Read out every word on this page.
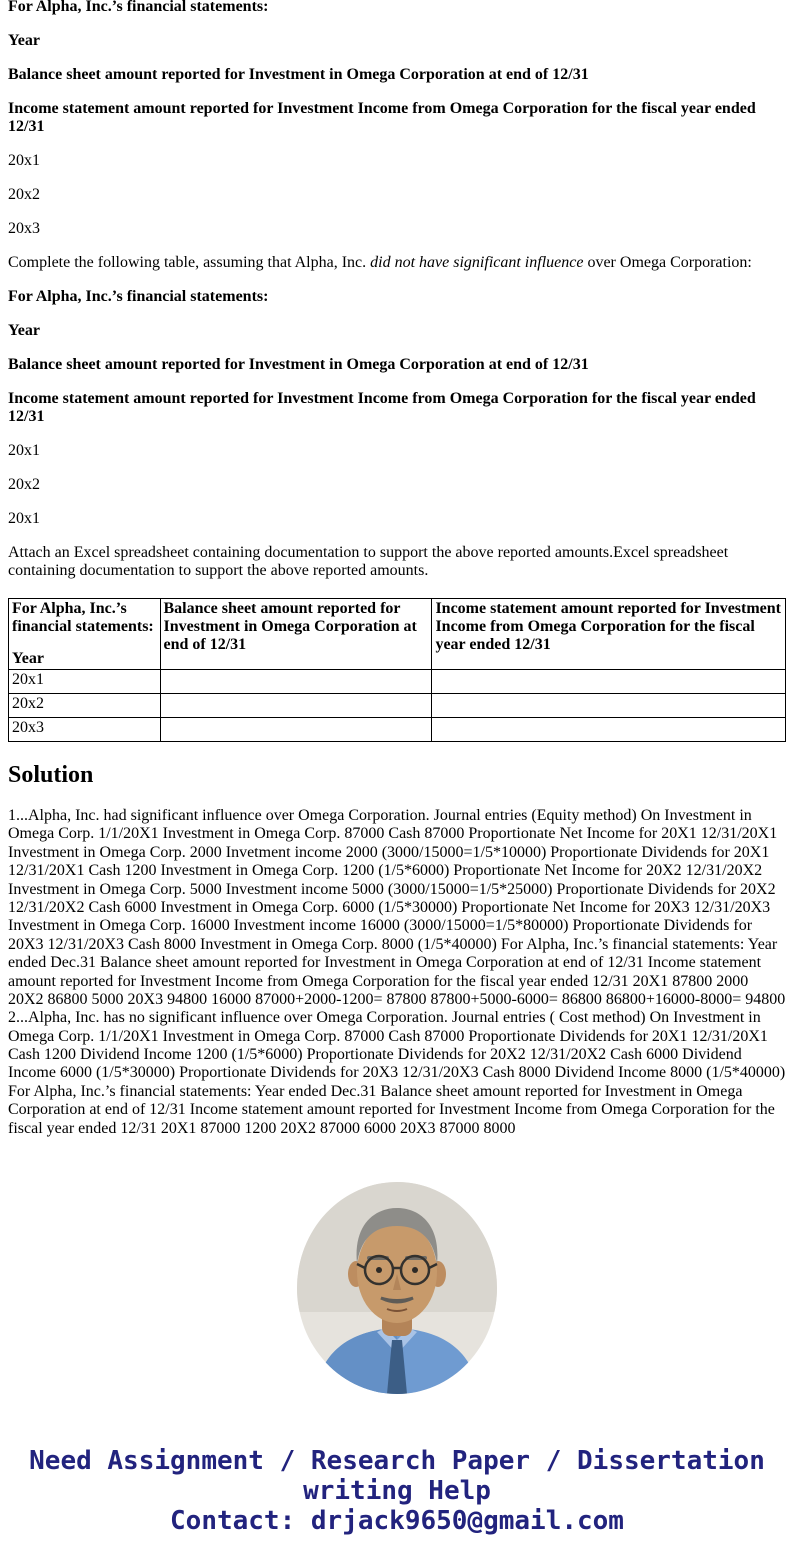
For Alpha, Inc.’s financial statements:

Year

Balance sheet amount reported for Investment in Omega Corporation at end of 12/31

Income statement amount reported for Investment Income from Omega Corporation for the fiscal year ended 12/31

20x1

20x2

20x3

Complete the following table, assuming that Alpha, Inc. did not have significant influence over Omega Corporation:

For Alpha, Inc.’s financial statements:

Year

Balance sheet amount reported for Investment in Omega Corporation at end of 12/31

Income statement amount reported for Investment Income from Omega Corporation for the fiscal year ended 12/31

20x1

20x2

20x1

Attach an Excel spreadsheet containing documentation to support the above reported amounts.Excel spreadsheet containing documentation to support the above reported amounts.

For Alpha, Inc.’s financial statements:
Year	Balance sheet amount reported for Investment in Omega Corporation at end of 12/31	Income statement amount reported for Investment Income from Omega Corporation for the fiscal year ended 12/31
20x1		
20x2		
20x3		
Solution

1...Alpha, Inc. had significant influence over Omega Corporation. Journal entries (Equity method) On Investment in Omega Corp. 1/1/20X1 Investment in Omega Corp. 87000 Cash 87000 Proportionate Net Income for 20X1 12/31/20X1 Investment in Omega Corp. 2000 Invetment income 2000 (3000/15000=1/5*10000) Proportionate Dividends for 20X1 12/31/20X1 Cash 1200 Investment in Omega Corp. 1200 (1/5*6000) Proportionate Net Income for 20X2 12/31/20X2 Investment in Omega Corp. 5000 Investment income 5000 (3000/15000=1/5*25000) Proportionate Dividends for 20X2 12/31/20X2 Cash 6000 Investment in Omega Corp. 6000 (1/5*30000) Proportionate Net Income for 20X3 12/31/20X3 Investment in Omega Corp. 16000 Investment income 16000 (3000/15000=1/5*80000) Proportionate Dividends for 20X3 12/31/20X3 Cash 8000 Investment in Omega Corp. 8000 (1/5*40000) For Alpha, Inc.’s financial statements: Year ended Dec.31 Balance sheet amount reported for Investment in Omega Corporation at end of 12/31 Income statement amount reported for Investment Income from Omega Corporation for the fiscal year ended 12/31 20X1 87800 2000 20X2 86800 5000 20X3 94800 16000 87000+2000-1200= 87800 87800+5000-6000= 86800 86800+16000-8000= 94800 2...Alpha, Inc. has no significant influence over Omega Corporation. Journal entries ( Cost method) On Investment in Omega Corp. 1/1/20X1 Investment in Omega Corp. 87000 Cash 87000 Proportionate Dividends for 20X1 12/31/20X1 Cash 1200 Dividend Income 1200 (1/5*6000) Proportionate Dividends for 20X2 12/31/20X2 Cash 6000 Dividend Income 6000 (1/5*30000) Proportionate Dividends for 20X3 12/31/20X3 Cash 8000 Dividend Income 8000 (1/5*40000) For Alpha, Inc.’s financial statements: Year ended Dec.31 Balance sheet amount reported for Investment in Omega Corporation at end of 12/31 Income statement amount reported for Investment Income from Omega Corporation for the fiscal year ended 12/31 20X1 87000 1200 20X2 87000 6000 20X3 87000 8000

Need Assignment / Research Paper / Dissertation writing Help
Contact: drjack9650@gmail.com
